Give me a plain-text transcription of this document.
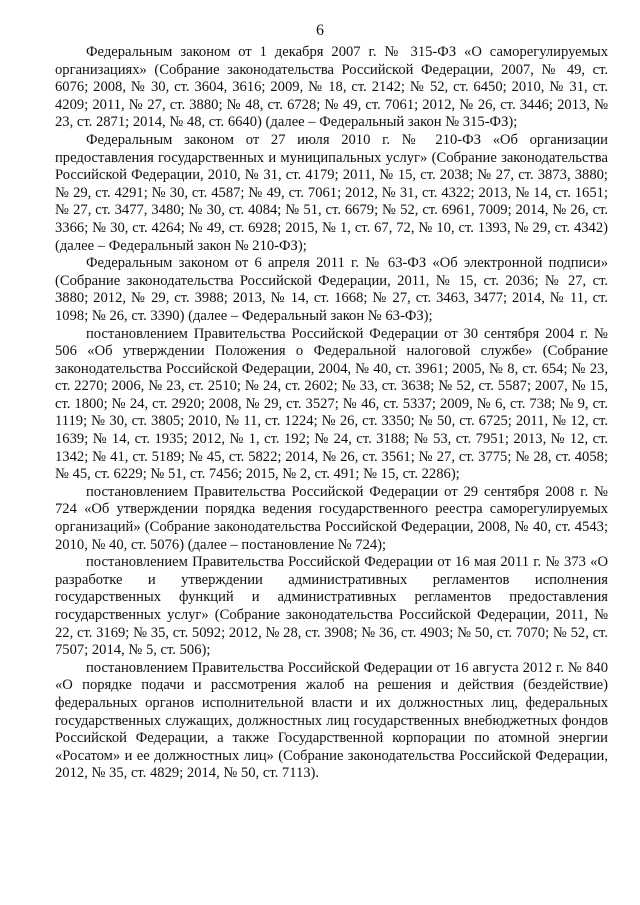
6

Федеральным законом от 1 декабря 2007 г. № 315-ФЗ «О саморегулируемых организациях» (Собрание законодательства Российской Федерации, 2007, № 49, ст. 6076; 2008, № 30, ст. 3604, 3616; 2009, № 18, ст. 2142; № 52, ст. 6450; 2010, № 31, ст. 4209; 2011, № 27, ст. 3880; № 48, ст. 6728; № 49, ст. 7061; 2012, № 26, ст. 3446; 2013, № 23, ст. 2871; 2014, № 48, ст. 6640) (далее – Федеральный закон № 315-ФЗ);

Федеральным законом от 27 июля 2010 г. № 210-ФЗ «Об организации предоставления государственных и муниципальных услуг» (Собрание законодательства Российской Федерации, 2010, № 31, ст. 4179; 2011, № 15, ст. 2038; № 27, ст. 3873, 3880; № 29, ст. 4291; № 30, ст. 4587; № 49, ст. 7061; 2012, № 31, ст. 4322; 2013, № 14, ст. 1651; № 27, ст. 3477, 3480; № 30, ст. 4084; № 51, ст. 6679; № 52, ст. 6961, 7009; 2014, № 26, ст. 3366; № 30, ст. 4264; № 49, ст. 6928; 2015, № 1, ст. 67, 72, № 10, ст. 1393, № 29, ст. 4342) (далее – Федеральный закон № 210-ФЗ);

Федеральным законом от 6 апреля 2011 г. № 63-ФЗ «Об электронной подписи» (Собрание законодательства Российской Федерации, 2011, № 15, ст. 2036; № 27, ст. 3880; 2012, № 29, ст. 3988; 2013, № 14, ст. 1668; № 27, ст. 3463, 3477; 2014, № 11, ст. 1098; № 26, ст. 3390) (далее – Федеральный закон № 63-ФЗ);

постановлением Правительства Российской Федерации от 30 сентября 2004 г. № 506 «Об утверждении Положения о Федеральной налоговой службе» (Собрание законодательства Российской Федерации, 2004, № 40, ст. 3961; 2005, № 8, ст. 654; № 23, ст. 2270; 2006, № 23, ст. 2510; № 24, ст. 2602; № 33, ст. 3638; № 52, ст. 5587; 2007, № 15, ст. 1800; № 24, ст. 2920; 2008, № 29, ст. 3527; № 46, ст. 5337; 2009, № 6, ст. 738; № 9, ст. 1119; № 30, ст. 3805; 2010, № 11, ст. 1224; № 26, ст. 3350; № 50, ст. 6725; 2011, № 12, ст. 1639; № 14, ст. 1935; 2012, № 1, ст. 192; № 24, ст. 3188; № 53, ст. 7951; 2013, № 12, ст. 1342; № 41, ст. 5189; № 45, ст. 5822; 2014, № 26, ст. 3561; № 27, ст. 3775; № 28, ст. 4058; № 45, ст. 6229; № 51, ст. 7456; 2015, № 2, ст. 491; № 15, ст. 2286);

постановлением Правительства Российской Федерации от 29 сентября 2008 г. № 724 «Об утверждении порядка ведения государственного реестра саморегулируемых организаций» (Собрание законодательства Российской Федерации, 2008, № 40, ст. 4543; 2010, № 40, ст. 5076) (далее – постановление № 724);

постановлением Правительства Российской Федерации от 16 мая 2011 г. № 373 «О разработке и утверждении административных регламентов исполнения государственных функций и административных регламентов предоставления государственных услуг» (Собрание законодательства Российской Федерации, 2011, № 22, ст. 3169; № 35, ст. 5092; 2012, № 28, ст. 3908; № 36, ст. 4903; № 50, ст. 7070; № 52, ст. 7507; 2014, № 5, ст. 506);

постановлением Правительства Российской Федерации от 16 августа 2012 г. № 840 «О порядке подачи и рассмотрения жалоб на решения и действия (бездействие) федеральных органов исполнительной власти и их должностных лиц, федеральных государственных служащих, должностных лиц государственных внебюджетных фондов Российской Федерации, а также Государственной корпорации по атомной энергии «Росатом» и ее должностных лиц» (Собрание законодательства Российской Федерации, 2012, № 35, ст. 4829; 2014, № 50, ст. 7113).
